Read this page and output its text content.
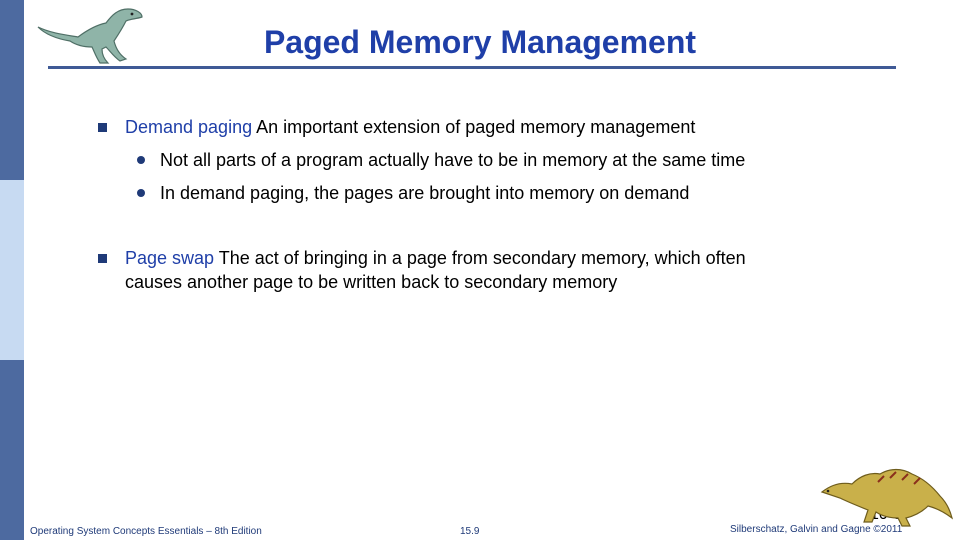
Paged Memory Management
Demand paging An important extension of paged memory management
Not all parts of a program actually have to be in memory at the same time
In demand paging, the pages are brought into memory on demand
Page swap The act of bringing in a page from secondary memory, which often
causes another page to be written back to secondary memory
Operating System Concepts Essentials – 8th Edition	15.9	Silberschatz, Galvin and Gagne ©2011
